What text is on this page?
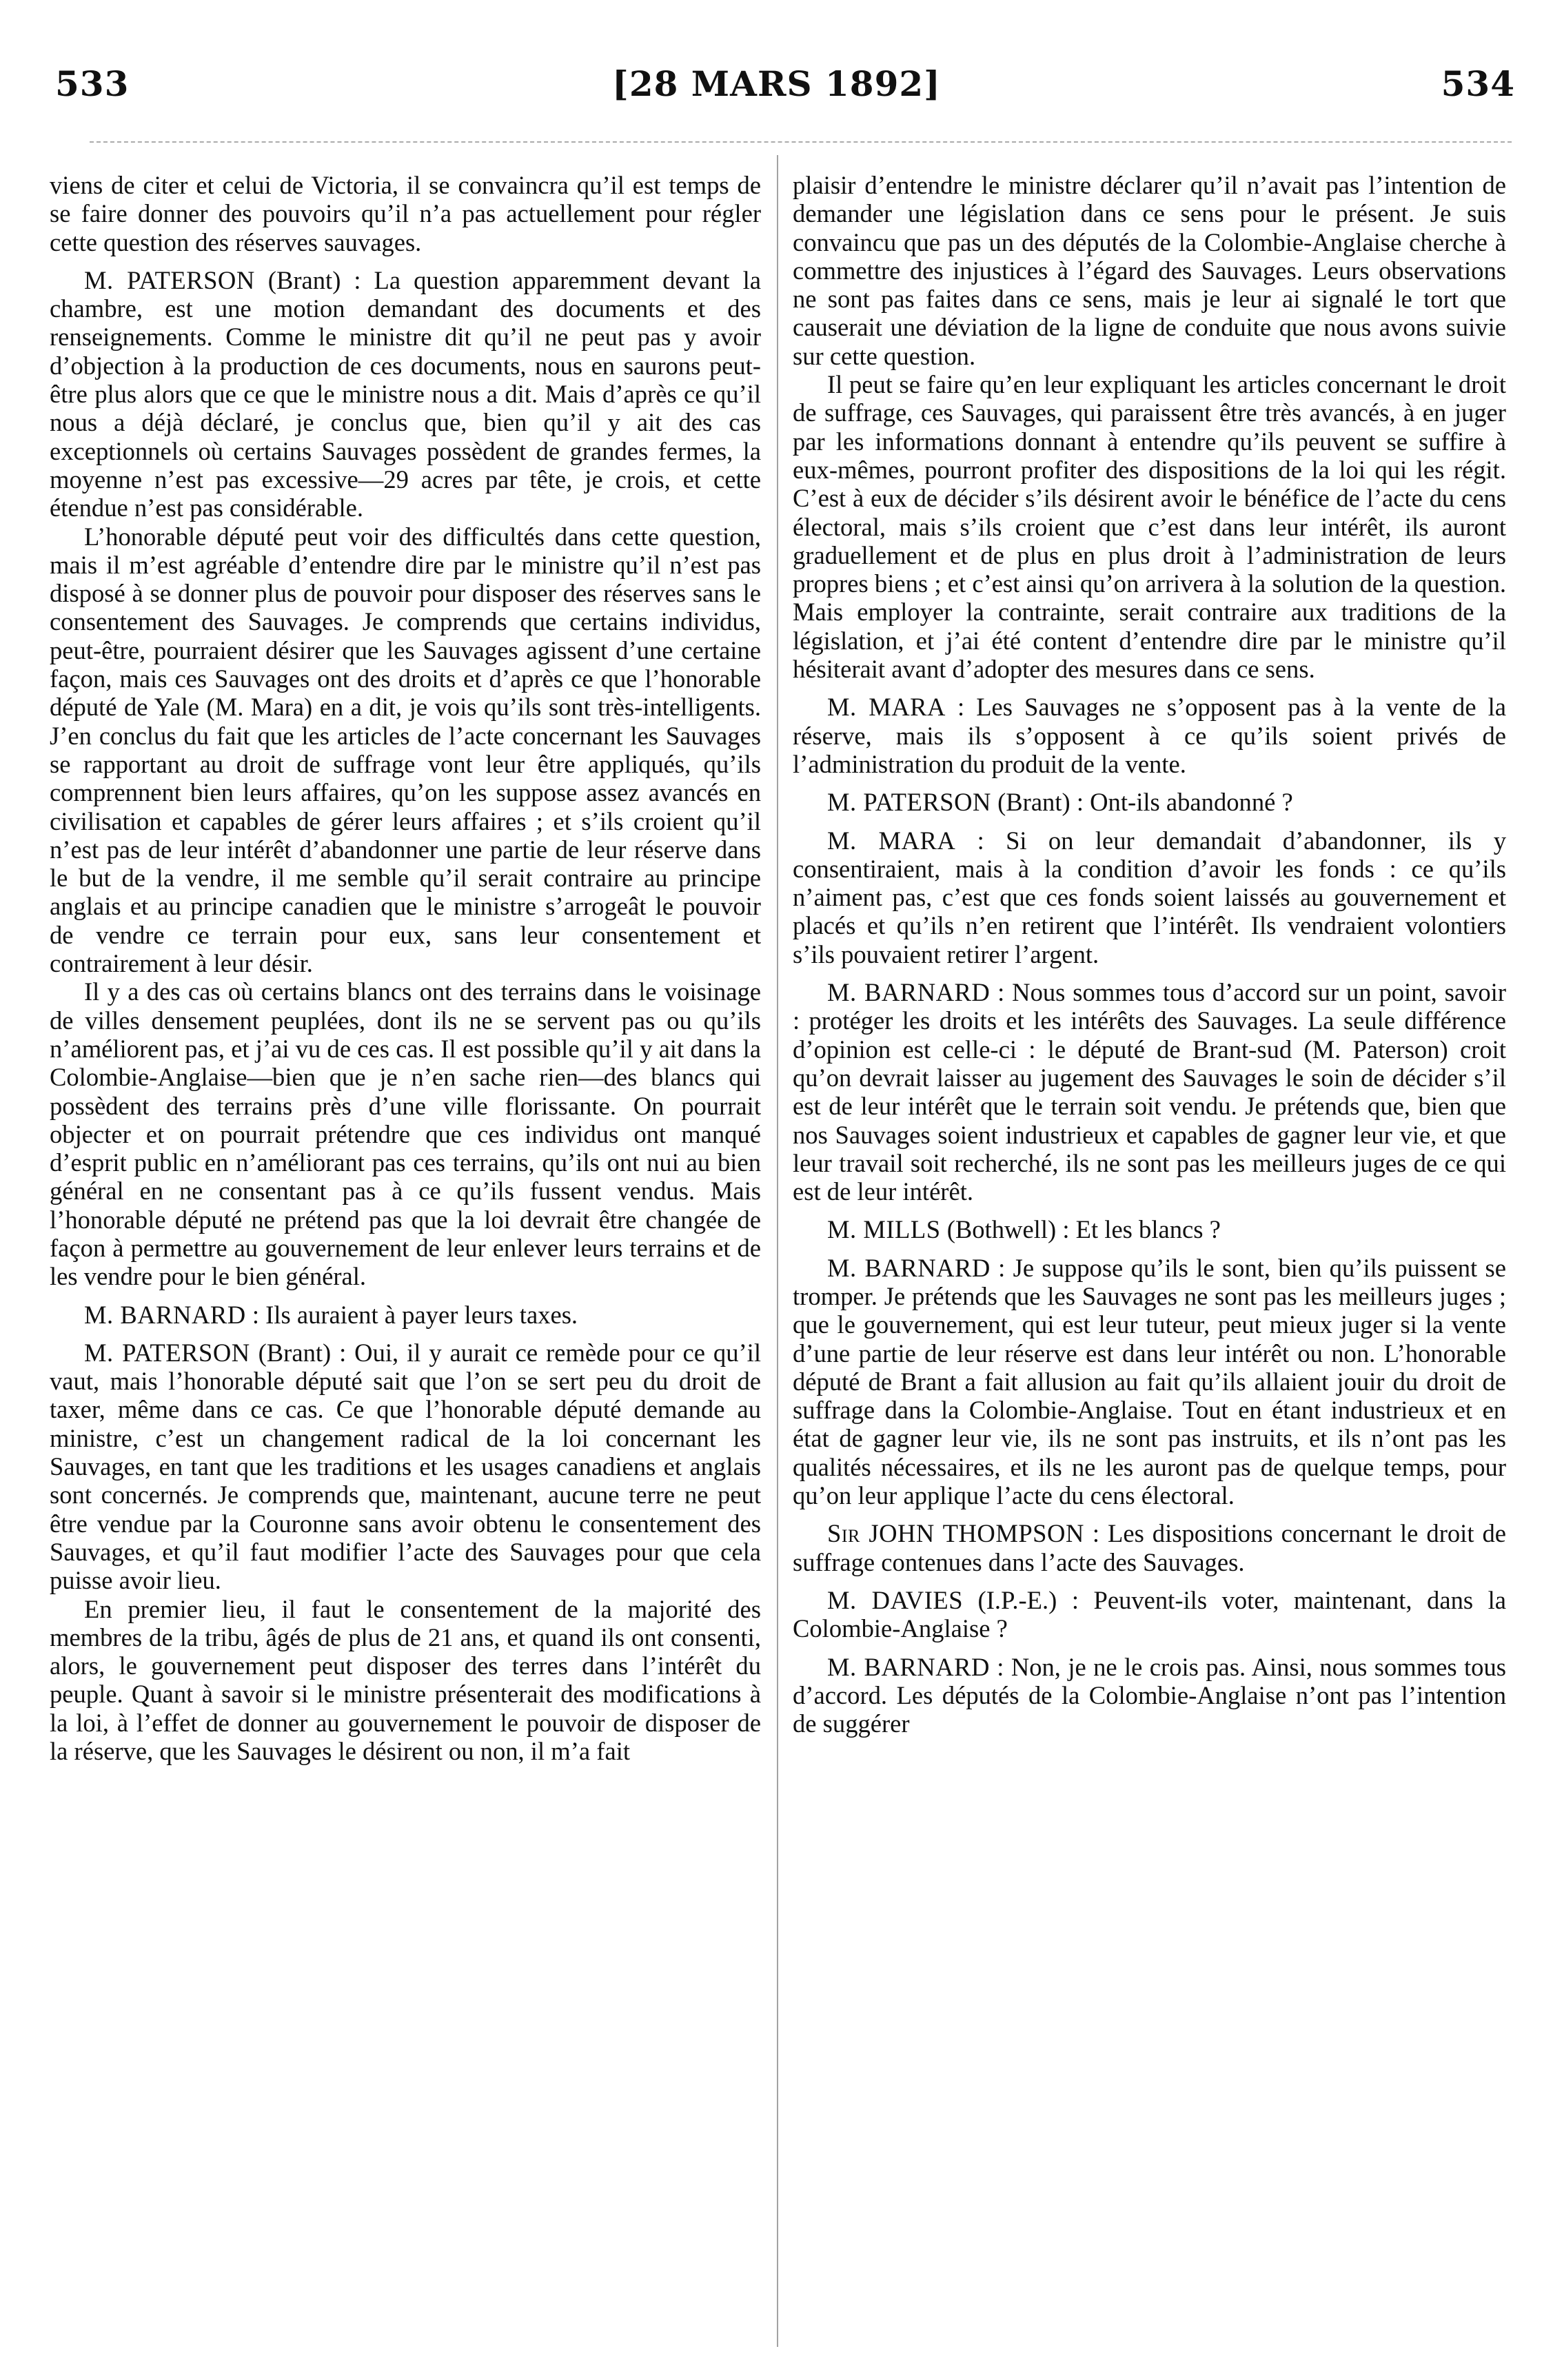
533	[28 MARS 1892]	534

viens de citer et celui de Victoria, il se convaincra qu’il est temps de se faire donner des pouvoirs qu’il n’a pas actuellement pour régler cette question des réserves sauvages.

M. PATERSON (Brant) : La question apparemment devant la chambre, est une motion demandant des documents et des renseignements. Comme le ministre dit qu’il ne peut pas y avoir d’objection à la production de ces documents, nous en saurons peut-être plus alors que ce que le ministre nous a dit. Mais d’après ce qu’il nous a déjà déclaré, je conclus que, bien qu’il y ait des cas exceptionnels où certains Sauvages possèdent de grandes fermes, la moyenne n’est pas excessive—29 acres par tête, je crois, et cette étendue n’est pas considérable.

L’honorable député peut voir des difficultés dans cette question, mais il m’est agréable d’entendre dire par le ministre qu’il n’est pas disposé à se donner plus de pouvoir pour disposer des réserves sans le consentement des Sauvages. Je comprends que certains individus, peut-être, pourraient désirer que les Sauvages agissent d’une certaine façon, mais ces Sauvages ont des droits et d’après ce que l’honorable député de Yale (M. Mara) en a dit, je vois qu’ils sont très-intelligents. J’en conclus du fait que les articles de l’acte concernant les Sauvages se rapportant au droit de suffrage vont leur être appliqués, qu’ils comprennent bien leurs affaires, qu’on les suppose assez avancés en civilisation et capables de gérer leurs affaires ; et s’ils croient qu’il n’est pas de leur intérêt d’abandonner une partie de leur réserve dans le but de la vendre, il me semble qu’il serait contraire au principe anglais et au principe canadien que le ministre s’arrogeât le pouvoir de vendre ce terrain pour eux, sans leur consentement et contrairement à leur désir.

Il y a des cas où certains blancs ont des terrains dans le voisinage de villes densement peuplées, dont ils ne se servent pas ou qu’ils n’améliorent pas, et j’ai vu de ces cas. Il est possible qu’il y ait dans la Colombie-Anglaise—bien que je n’en sache rien—des blancs qui possèdent des terrains près d’une ville florissante. On pourrait objecter et on pourrait prétendre que ces individus ont manqué d’esprit public en n’améliorant pas ces terrains, qu’ils ont nui au bien général en ne consentant pas à ce qu’ils fussent vendus. Mais l’honorable député ne prétend pas que la loi devrait être changée de façon à permettre au gouvernement de leur enlever leurs terrains et de les vendre pour le bien général.

M. BARNARD : Ils auraient à payer leurs taxes.

M. PATERSON (Brant) : Oui, il y aurait ce remède pour ce qu’il vaut, mais l’honorable député sait que l’on se sert peu du droit de taxer, même dans ce cas. Ce que l’honorable député demande au ministre, c’est un changement radical de la loi concernant les Sauvages, en tant que les traditions et les usages canadiens et anglais sont concernés. Je comprends que, maintenant, aucune terre ne peut être vendue par la Couronne sans avoir obtenu le consentement des Sauvages, et qu’il faut modifier l’acte des Sauvages pour que cela puisse avoir lieu.

En premier lieu, il faut le consentement de la majorité des membres de la tribu, âgés de plus de 21 ans, et quand ils ont consenti, alors, le gouvernement peut disposer des terres dans l’intérêt du peuple. Quant à savoir si le ministre présenterait des modifications à la loi, à l’effet de donner au gouvernement le pouvoir de disposer de la réserve, que les Sauvages le désirent ou non, il m’a fait

plaisir d’entendre le ministre déclarer qu’il n’avait pas l’intention de demander une législation dans ce sens pour le présent. Je suis convaincu que pas un des députés de la Colombie-Anglaise cherche à commettre des injustices à l’égard des Sauvages. Leurs observations ne sont pas faites dans ce sens, mais je leur ai signalé le tort que causerait une déviation de la ligne de conduite que nous avons suivie sur cette question.

Il peut se faire qu’en leur expliquant les articles concernant le droit de suffrage, ces Sauvages, qui paraissent être très avancés, à en juger par les informations donnant à entendre qu’ils peuvent se suffire à eux-mêmes, pourront profiter des dispositions de la loi qui les régit. C’est à eux de décider s’ils désirent avoir le bénéfice de l’acte du cens électoral, mais s’ils croient que c’est dans leur intérêt, ils auront graduellement et de plus en plus droit à l’administration de leurs propres biens ; et c’est ainsi qu’on arrivera à la solution de la question. Mais employer la contrainte, serait contraire aux traditions de la législation, et j’ai été content d’entendre dire par le ministre qu’il hésiterait avant d’adopter des mesures dans ce sens.

M. MARA : Les Sauvages ne s’opposent pas à la vente de la réserve, mais ils s’opposent à ce qu’ils soient privés de l’administration du produit de la vente.

M. PATERSON (Brant) : Ont-ils abandonné ?

M. MARA : Si on leur demandait d’abandonner, ils y consentiraient, mais à la condition d’avoir les fonds : ce qu’ils n’aiment pas, c’est que ces fonds soient laissés au gouvernement et placés et qu’ils n’en retirent que l’intérêt. Ils vendraient volontiers s’ils pouvaient retirer l’argent.

M. BARNARD : Nous sommes tous d’accord sur un point, savoir : protéger les droits et les intérêts des Sauvages. La seule différence d’opinion est celle-ci : le député de Brant-sud (M. Paterson) croit qu’on devrait laisser au jugement des Sauvages le soin de décider s’il est de leur intérêt que le terrain soit vendu. Je prétends que, bien que nos Sauvages soient industrieux et capables de gagner leur vie, et que leur travail soit recherché, ils ne sont pas les meilleurs juges de ce qui est de leur intérêt.

M. MILLS (Bothwell) : Et les blancs ?

M. BARNARD : Je suppose qu’ils le sont, bien qu’ils puissent se tromper. Je prétends que les Sauvages ne sont pas les meilleurs juges ; que le gouvernement, qui est leur tuteur, peut mieux juger si la vente d’une partie de leur réserve est dans leur intérêt ou non. L’honorable député de Brant a fait allusion au fait qu’ils allaient jouir du droit de suffrage dans la Colombie-Anglaise. Tout en étant industrieux et en état de gagner leur vie, ils ne sont pas instruits, et ils n’ont pas les qualités nécessaires, et ils ne les auront pas de quelque temps, pour qu’on leur applique l’acte du cens électoral.

Sir JOHN THOMPSON : Les dispositions concernant le droit de suffrage contenues dans l’acte des Sauvages.

M. DAVIES (I.P.-E.) : Peuvent-ils voter, maintenant, dans la Colombie-Anglaise ?

M. BARNARD : Non, je ne le crois pas. Ainsi, nous sommes tous d’accord. Les députés de la Colombie-Anglaise n’ont pas l’intention de suggérer
